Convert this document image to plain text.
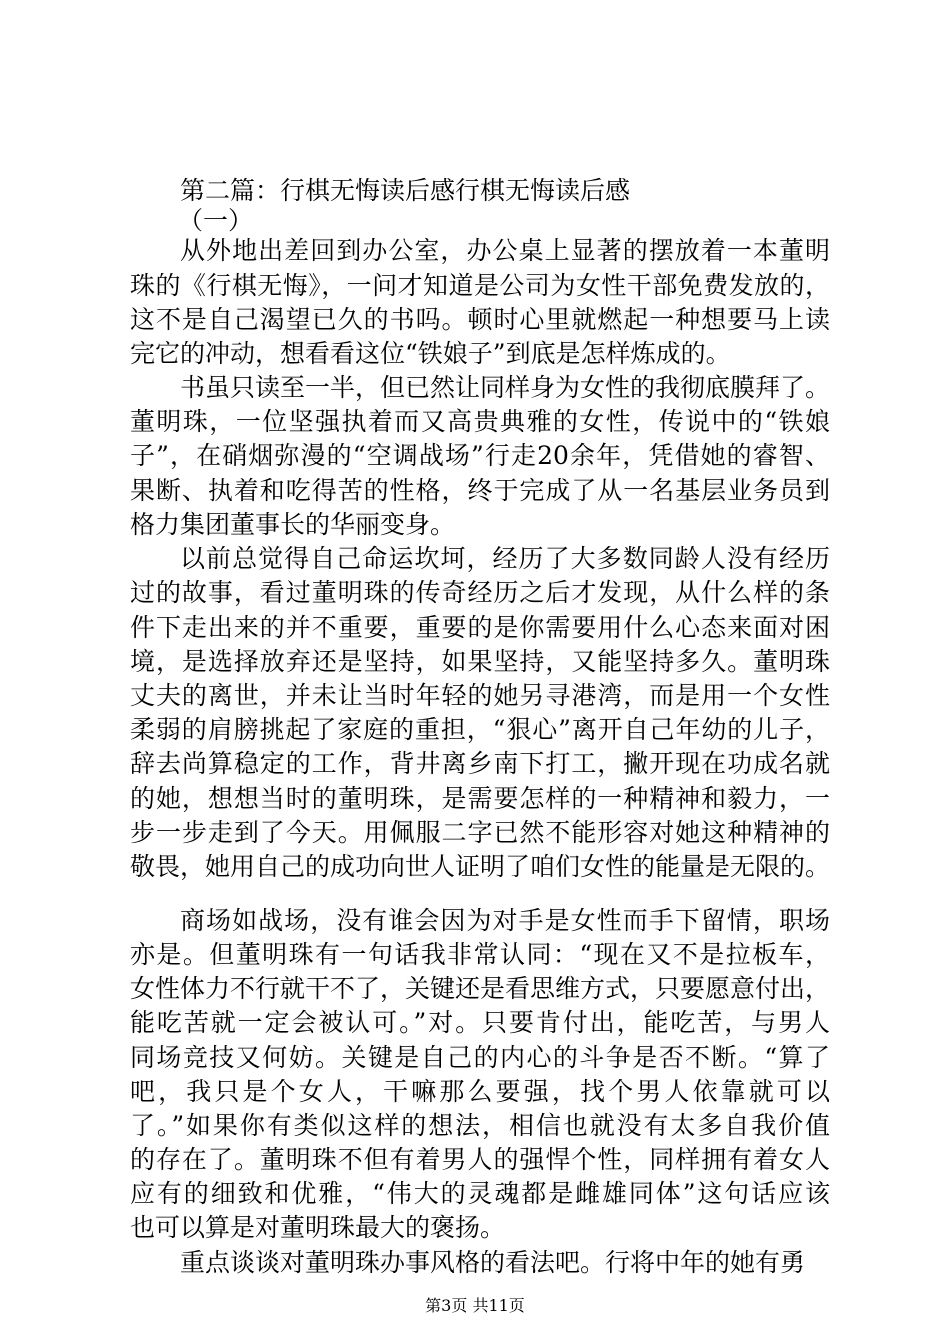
第二篇：行棋无悔读后感行棋无悔读后感
（一）
从外地出差回到办公室，办公桌上显著的摆放着一本董明
珠的《行棋无悔》，一问才知道是公司为女性干部免费发放的，
这不是自己渴望已久的书吗。顿时心里就燃起一种想要马上读
完它的冲动，想看看这位“铁娘子”到底是怎样炼成的。
书虽只读至一半，但已然让同样身为女性的我彻底膜拜了。
董明珠，一位坚强执着而又高贵典雅的女性，传说中的“铁娘
子”，在硝烟弥漫的“空调战场”行走20余年，凭借她的睿智、
果断、执着和吃得苦的性格，终于完成了从一名基层业务员到
格力集团董事长的华丽变身。
以前总觉得自己命运坎坷，经历了大多数同龄人没有经历
过的故事，看过董明珠的传奇经历之后才发现，从什么样的条
件下走出来的并不重要，重要的是你需要用什么心态来面对困
境，是选择放弃还是坚持，如果坚持，又能坚持多久。董明珠
丈夫的离世，并未让当时年轻的她另寻港湾，而是用一个女性
柔弱的肩膀挑起了家庭的重担，“狠心”离开自己年幼的儿子，
辞去尚算稳定的工作，背井离乡南下打工，撇开现在功成名就
的她，想想当时的董明珠，是需要怎样的一种精神和毅力，一
步一步走到了今天。用佩服二字已然不能形容对她这种精神的
敬畏，她用自己的成功向世人证明了咱们女性的能量是无限的。
商场如战场，没有谁会因为对手是女性而手下留情，职场
亦是。但董明珠有一句话我非常认同：“现在又不是拉板车，
女性体力不行就干不了，关键还是看思维方式，只要愿意付出，
能吃苦就一定会被认可。”对。只要肯付出，能吃苦，与男人
同场竞技又何妨。关键是自己的内心的斗争是否不断。“算了
吧，我只是个女人，干嘛那么要强，找个男人依靠就可以
了。”如果你有类似这样的想法，相信也就没有太多自我价值
的存在了。董明珠不但有着男人的强悍个性，同样拥有着女人
应有的细致和优雅，“伟大的灵魂都是雌雄同体”这句话应该
也可以算是对董明珠最大的褒扬。
重点谈谈对董明珠办事风格的看法吧。行将中年的她有勇
第3页 共11页
